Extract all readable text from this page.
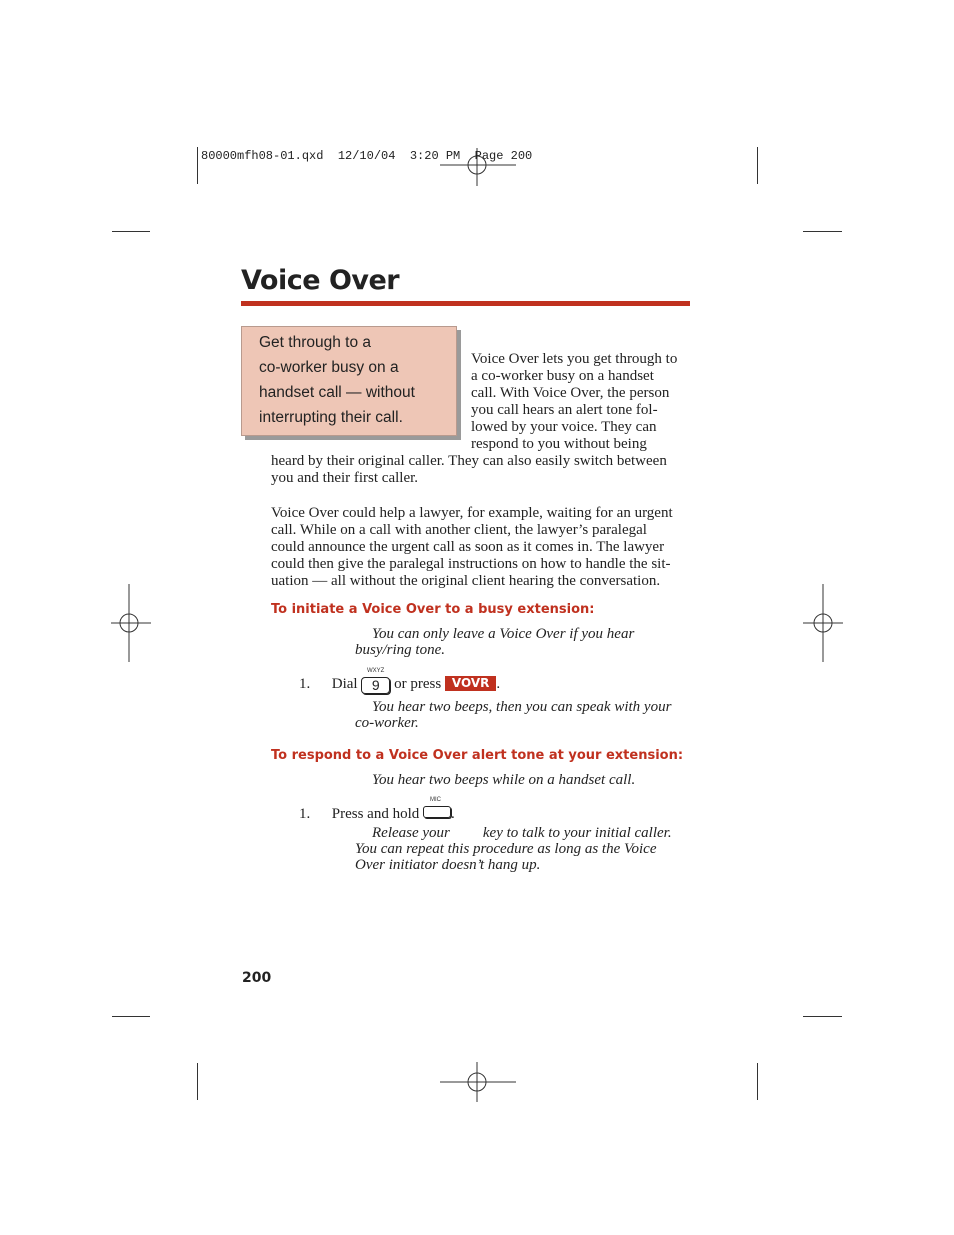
80000mfh08-01.qxd  12/10/04  3:20 PM  Page 200
Voice Over
Get through to a
co-worker busy on a
handset call — without
interrupting their call.
Voice Over lets you get through to
a co-worker busy on a handset
call. With Voice Over, the person
you call hears an alert tone fol-
lowed by your voice. They can
respond to you without being
heard by their original caller. They can also easily switch between
you and their first caller.
Voice Over could help a lawyer, for example, waiting for an urgent
call. While on a call with another client, the lawyer’s paralegal
could announce the urgent call as soon as it comes in. The lawyer
could then give the paralegal instructions on how to handle the sit-
uation — all without the original client hearing the conversation.
To initiate a Voice Over to a busy extension:
You can only leave a Voice Over if you hear
busy/ring tone.
WXYZ
1. Dial 9 or press VOVR .
You hear two beeps, then you can speak with your
co-worker.
To respond to a Voice Over alert tone at your extension:
You hear two beeps while on a handset call.
MIC
1. Press and hold .
Release your key to talk to your initial caller.
You can repeat this procedure as long as the Voice
Over initiator doesn’t hang up.
200
